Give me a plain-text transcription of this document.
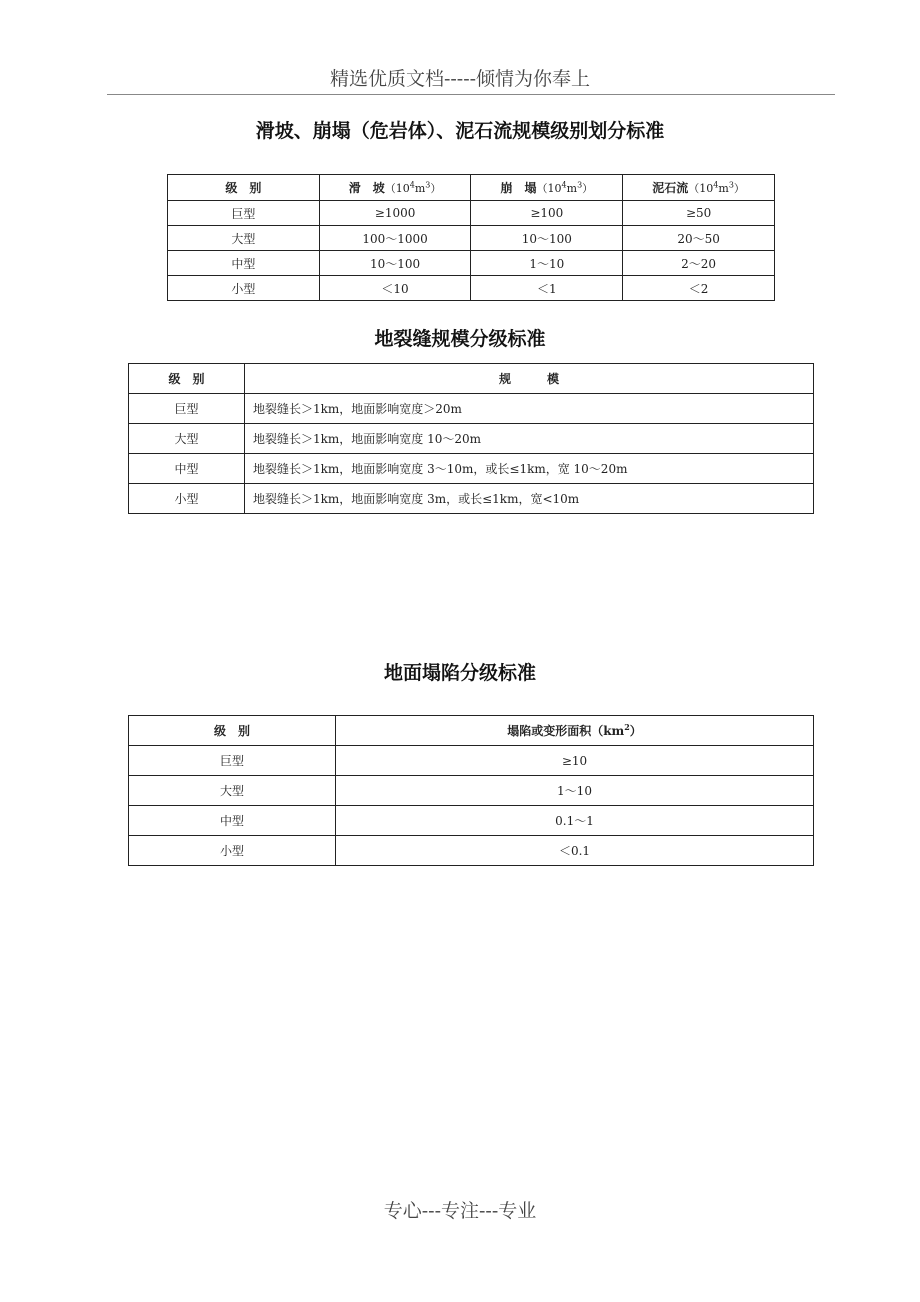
精选优质文档-----倾情为你奉上
滑坡、崩塌（危岩体）、泥石流规模级别划分标准
级　别	滑　坡$(10^4m^3)$	崩　塌$(10^4m^3)$	泥石流$(10^4m^3)$
巨型	≥1000	≥100	≥50
大型	100～1000	10～100	20～50
中型	10～100	1～10	2～20
小型	＜10	＜1	＜2
地裂缝规模分级标准
级　别	规　　　模
巨型	地裂缝长＞1km，地面影响宽度＞20m
大型	地裂缝长＞1km，地面影响宽度 10～20m
中型	地裂缝长＞1km，地面影响宽度 3～10m，或长≤1km，宽 10～20m
小型	地裂缝长＞1km，地面影响宽度 3m，或长≤1km，宽<10m
地面塌陷分级标准
级　别	塌陷或变形面积$(km^2)$
巨型	≥10
大型	1～10
中型	0.1～1
小型	＜0.1
专心---专注---专业
